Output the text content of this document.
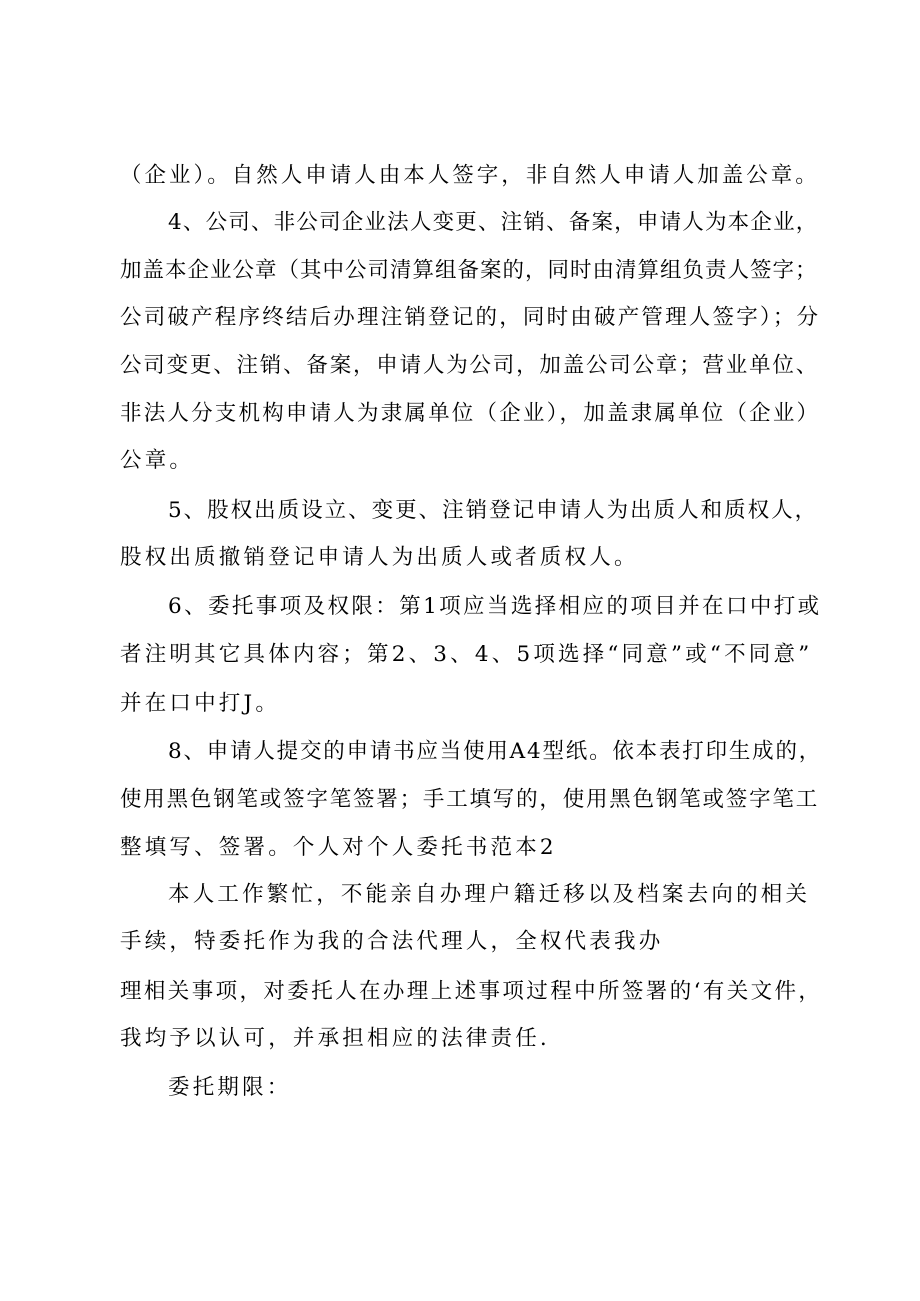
（企业）。自然人申请人由本人签字，非自然人申请人加盖公章。

4、公司、非公司企业法人变更、注销、备案，申请人为本企业，

加盖本企业公章（其中公司清算组备案的，同时由清算组负责人签字；

公司破产程序终结后办理注销登记的，同时由破产管理人签字）；分

公司变更、注销、备案，申请人为公司，加盖公司公章；营业单位、

非法人分支机构申请人为隶属单位（企业），加盖隶属单位（企业）

公章。

5、股权出质设立、变更、注销登记申请人为出质人和质权人，

股权出质撤销登记申请人为出质人或者质权人。

6、委托事项及权限：第1项应当选择相应的项目并在口中打或

者注明其它具体内容；第2、3、4、5项选择“同意”或“不同意”

并在口中打J。

8、申请人提交的申请书应当使用A4型纸。依本表打印生成的，

使用黑色钢笔或签字笔签署；手工填写的，使用黑色钢笔或签字笔工

整填写、签署。个人对个人委托书范本2

本人工作繁忙，不能亲自办理户籍迁移以及档案去向的相关

手续，特委托作为我的合法代理人，全权代表我办

理相关事项，对委托人在办理上述事项过程中所签署的‘有关文件，

我均予以认可，并承担相应的法律责任.

委托期限：
